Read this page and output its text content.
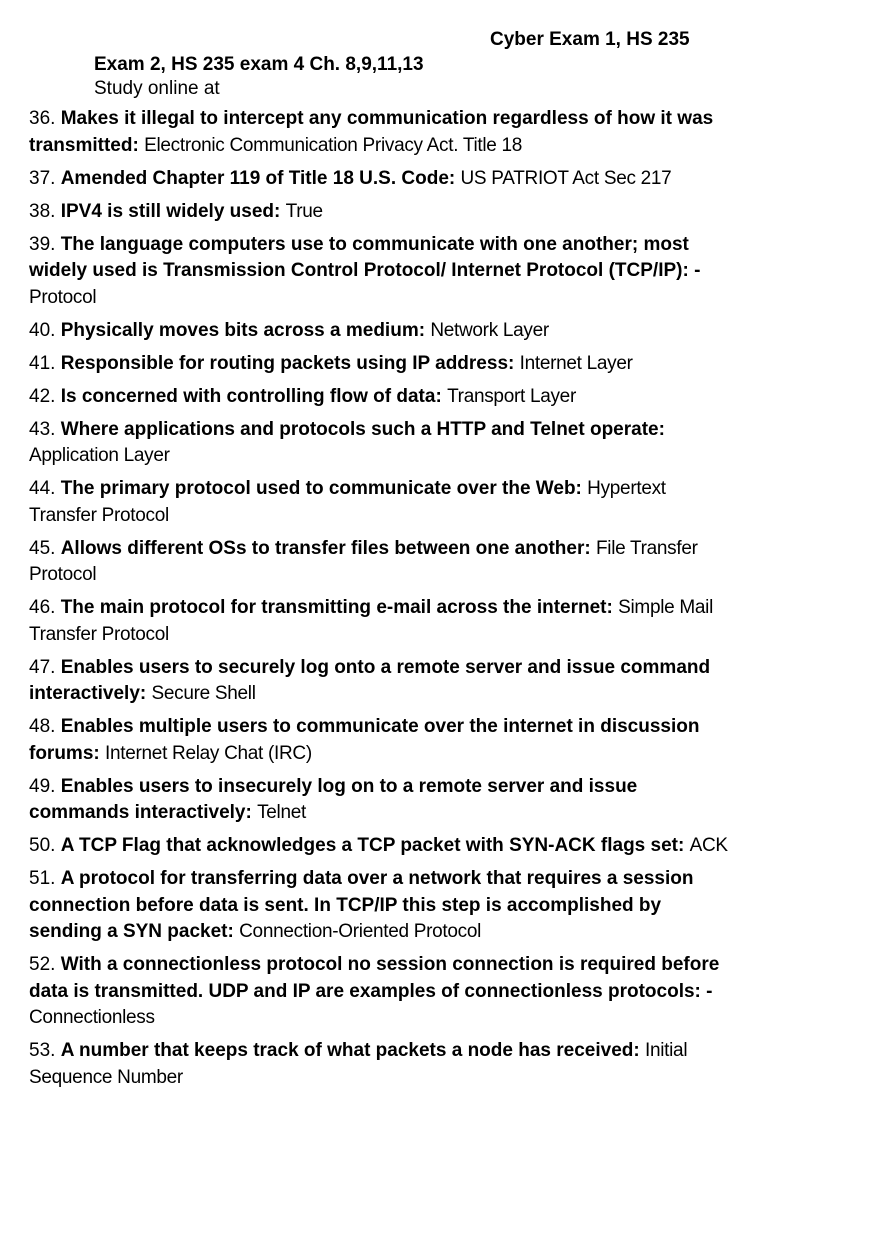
Cyber Exam 1, HS 235
Exam 2, HS 235 exam 4 Ch. 8,9,11,13
Study online at
36. Makes it illegal to intercept any communication regardless of how it was transmitted: Electronic Communication Privacy Act. Title 18
37. Amended Chapter 119 of Title 18 U.S. Code: US PATRIOT Act Sec 217
38. IPV4 is still widely used: True
39. The language computers use to communicate with one another; most widely used is Transmission Control Protocol/ Internet Protocol (TCP/IP): - Protocol
40. Physically moves bits across a medium: Network Layer
41. Responsible for routing packets using IP address: Internet Layer
42. Is concerned with controlling flow of data: Transport Layer
43. Where applications and protocols such a HTTP and Telnet operate: Application Layer
44. The primary protocol used to communicate over the Web: Hypertext Transfer Protocol
45. Allows different OSs to transfer files between one another: File Transfer Protocol
46. The main protocol for transmitting e-mail across the internet: Simple Mail Transfer Protocol
47. Enables users to securely log onto a remote server and issue command interactively: Secure Shell
48. Enables multiple users to communicate over the internet in discussion forums: Internet Relay Chat (IRC)
49. Enables users to insecurely log on to a remote server and issue commands interactively: Telnet
50. A TCP Flag that acknowledges a TCP packet with SYN-ACK flags set: ACK
51. A protocol for transferring data over a network that requires a session connection before data is sent. In TCP/IP this step is accomplished by sending a SYN packet: Connection-Oriented Protocol
52. With a connectionless protocol no session connection is required before data is transmitted. UDP and IP are examples of connectionless protocols: - Connectionless
53. A number that keeps track of what packets a node has received: Initial Sequence Number
